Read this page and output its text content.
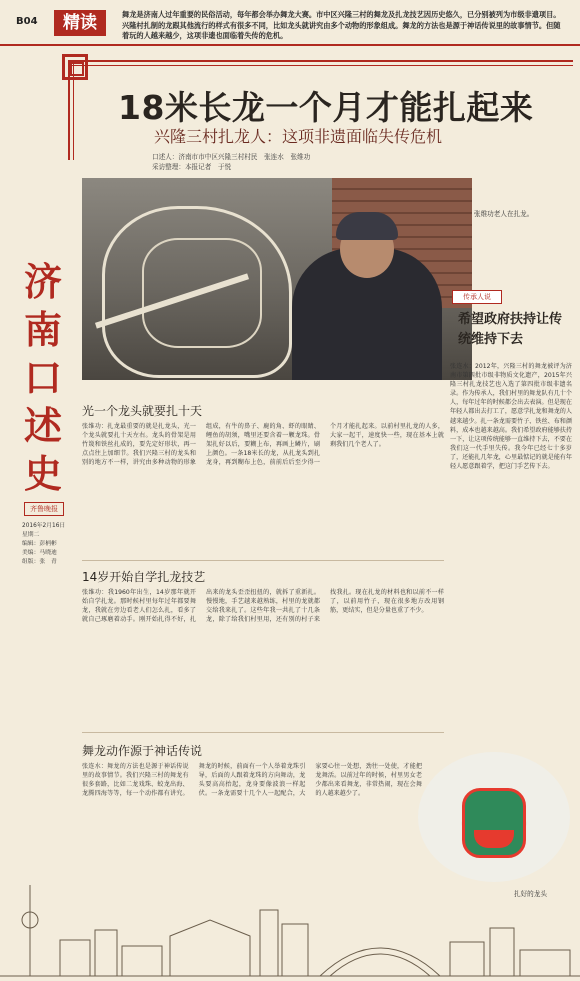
B04	精读	舞龙是济南人过年重要的民俗活动，每年都会举办舞龙大赛。市中区兴隆三村的舞龙及扎龙技艺因历史悠久，已分别被列为市级非遗项目。兴隆村扎制的龙跟其他流行的样式有很多不同，比如龙头就讲究由多个动物的形象组成。舞龙的方法也是源于神话传说里的故事情节。但随着玩的人越来越少，这项非遗也面临着失传的危机。
18米长龙一个月才能扎起来
兴隆三村扎龙人：这项非遗面临失传危机
口述人：济南市市中区兴隆三村村民　张连水　张维功
采访整理：本报记者　于悦
张维功老人在扎龙。
济
南
口
述
史
齐鲁晚报
2016年2月16日
星期二
编辑：彭柄彬
美编：马晓迪
组版：张　青
传承人说
希望政府扶持让传统维持下去
张连水：2012年，兴隆三村的舞龙被评为济南市第四批市级非物质文化遗产，2015年兴隆三村扎龙技艺也入选了第四批市级非遗名录。作为传承人，我们村里的舞龙队有几十个人，每年过年的时候都会出去表演。但是现在年轻人都出去打工了，愿意学扎龙和舞龙的人越来越少。扎一条龙需要竹子、铁丝、布和颜料，成本也越来越高。我们希望政府能够扶持一下，让这项传统能够一直维持下去，不要在我们这一代手里失传。我今年已经七十多岁了，还能扎几年龙，心里最惦记的就是能有年轻人愿意跟着学，把这门手艺传下去。
光一个龙头就要扎十天
张维功：扎龙最重要的就是扎龙头，光一个龙头就要扎十天左右。龙头的骨架是用竹篾和铁丝扎成的，要先定好形状，再一点点往上加细节。我们兴隆三村的龙头和别的地方不一样，讲究由多种动物的形象组成，有牛的鼻子、鹿的角、虾的眼睛、鲤鱼的胡须，嘴里还要含着一颗龙珠。骨架扎好以后，要糊上布，再画上鳞片，刷上颜色。一条18米长的龙，从扎龙头到扎龙身，再到糊布上色，前前后后至少得一个月才能扎起来。以前村里扎龙的人多，大家一起干，速度快一些，现在基本上就剩我们几个老人了。
14岁开始自学扎龙技艺
张维功：我1960年出生，14岁那年就开始自学扎龙。那时候村里每年过年都要舞龙，我就在旁边看老人们怎么扎，看多了就自己琢磨着动手。刚开始扎得不好，扎出来的龙头歪歪扭扭的，就拆了重新扎。慢慢地，手艺越来越熟练，村里的龙就都交给我来扎了。这些年我一共扎了十几条龙，除了给我们村里用，还有别的村子来找我扎。现在扎龙的材料也和以前不一样了，以前用竹子，现在很多地方改用钢筋，更结实，但是分量也重了不少。
舞龙动作源于神话传说
张连水：舞龙的方法也是源于神话传说里的故事情节。我们兴隆三村的舞龙有很多套路，比如二龙戏珠、蛟龙出海、龙腾四海等等，每一个动作都有讲究。舞龙的时候，前面有一个人举着龙珠引导，后面的人跟着龙珠的方向舞动，龙头要高高抬起，龙身要像波浪一样起伏。一条龙需要十几个人一起配合，大家要心往一处想，劲往一处使，才能把龙舞活。以前过年的时候，村里男女老少都出来看舞龙，非常热闹，现在会舞的人越来越少了。
扎好的龙头
